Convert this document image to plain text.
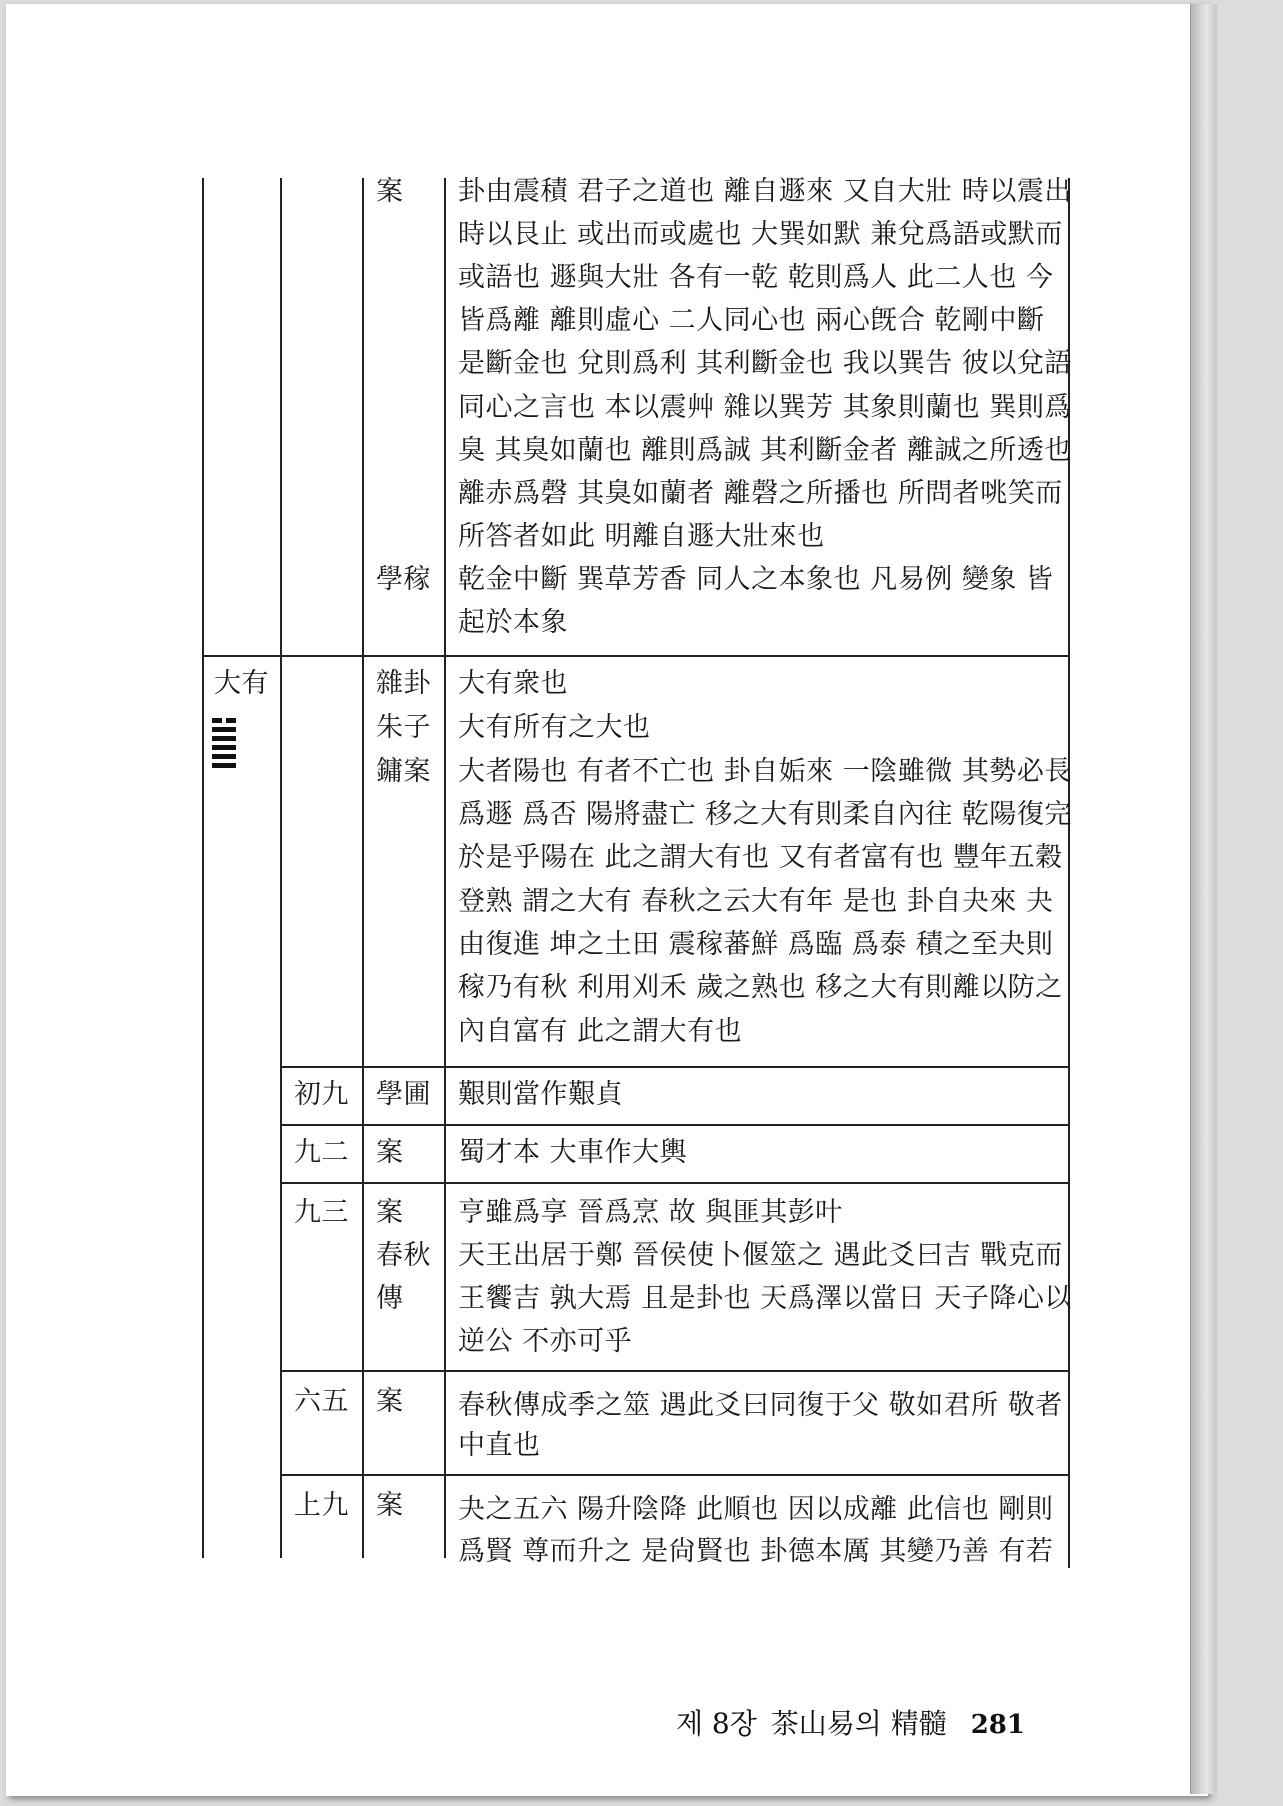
案
學稼
卦由震積 君子之道也 離自遯來 又自大壯 時以震出
時以艮止 或出而或處也 大巽如默 兼兌爲語或默而
或語也 遯與大壯 各有一乾 乾則爲人 此二人也 今
皆爲離 離則虛心 二人同心也 兩心旣合 乾剛中斷
是斷金也 兌則爲利 其利斷金也 我以巽告 彼以兌語
同心之言也 本以震艸 雜以巽芳 其象則蘭也 巽則爲
臭 其臭如蘭也 離則爲誠 其利斷金者 離誠之所透也
離赤爲磬 其臭如蘭者 離磬之所播也 所問者咷笑而
所答者如此 明離自遯大壯來也
乾金中斷 巽草芳香 同人之本象也 凡易例 變象 皆
起於本象
大有	雜卦
朱子
鏞案
大有衆也
大有所有之大也
大者陽也 有者不亡也 卦自姤來 一陰雖微 其勢必長
爲遯 爲否 陽將盡亡 移之大有則柔自內往 乾陽復完
於是乎陽在 此之謂大有也 又有者富有也 豐年五穀
登熟 謂之大有 春秋之云大有年 是也 卦自夬來 夬
由復進 坤之土田 震稼蕃鮮 爲臨 爲泰 積之至夬則
稼乃有秋 利用刈禾 歲之熟也 移之大有則離以防之
內自富有 此之謂大有也
初九 學圃 艱則當作艱貞
九二 案 蜀才本 大車作大輿
九三 案
春秋
傳
亨雖爲享 晉爲烹 故 與匪其彭叶
天王出居于鄭 晉侯使卜偃筮之 遇此爻曰吉 戰克而
王饗吉 孰大焉 且是卦也 天爲澤以當日 天子降心以
逆公 不亦可乎
六五 案 春秋傳成季之筮 遇此爻曰同復于父 敬如君所 敬者
中直也
上九 案 夬之五六 陽升陰降 此順也 因以成離 此信也 剛則
爲賢 尊而升之 是尙賢也 卦德本厲 其變乃善 有若
제 8장 茶山易의 精髓 281
